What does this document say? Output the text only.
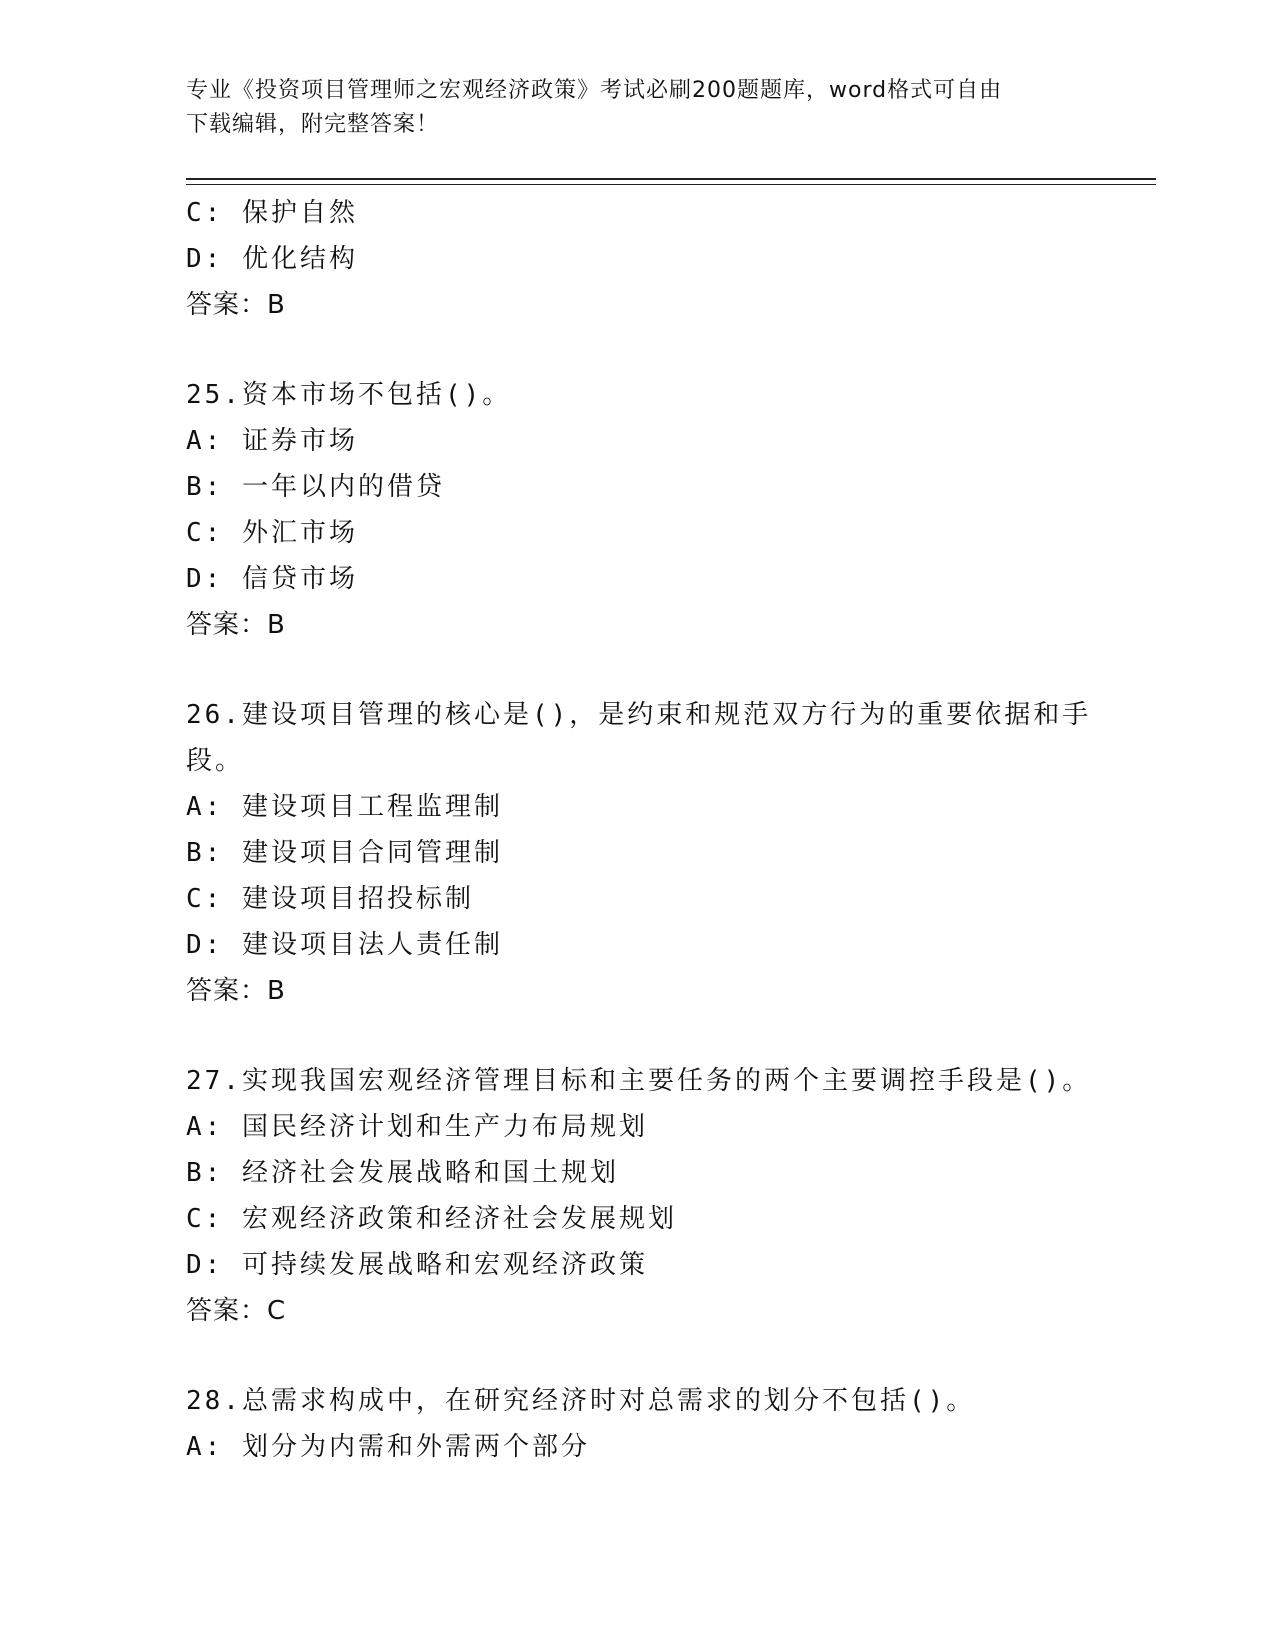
专业《投资项目管理师之宏观经济政策》考试必刷200题题库，word格式可自由
下载编辑，附完整答案！
C: 保护自然
D: 优化结构
答案：B
25.资本市场不包括()。
A: 证券市场
B: 一年以内的借贷
C: 外汇市场
D: 信贷市场
答案：B
26.建设项目管理的核心是()，是约束和规范双方行为的重要依据和手
段。
A: 建设项目工程监理制
B: 建设项目合同管理制
C: 建设项目招投标制
D: 建设项目法人责任制
答案：B
27.实现我国宏观经济管理目标和主要任务的两个主要调控手段是()。
A: 国民经济计划和生产力布局规划
B: 经济社会发展战略和国土规划
C: 宏观经济政策和经济社会发展规划
D: 可持续发展战略和宏观经济政策
答案：C
28.总需求构成中，在研究经济时对总需求的划分不包括()。
A: 划分为内需和外需两个部分
